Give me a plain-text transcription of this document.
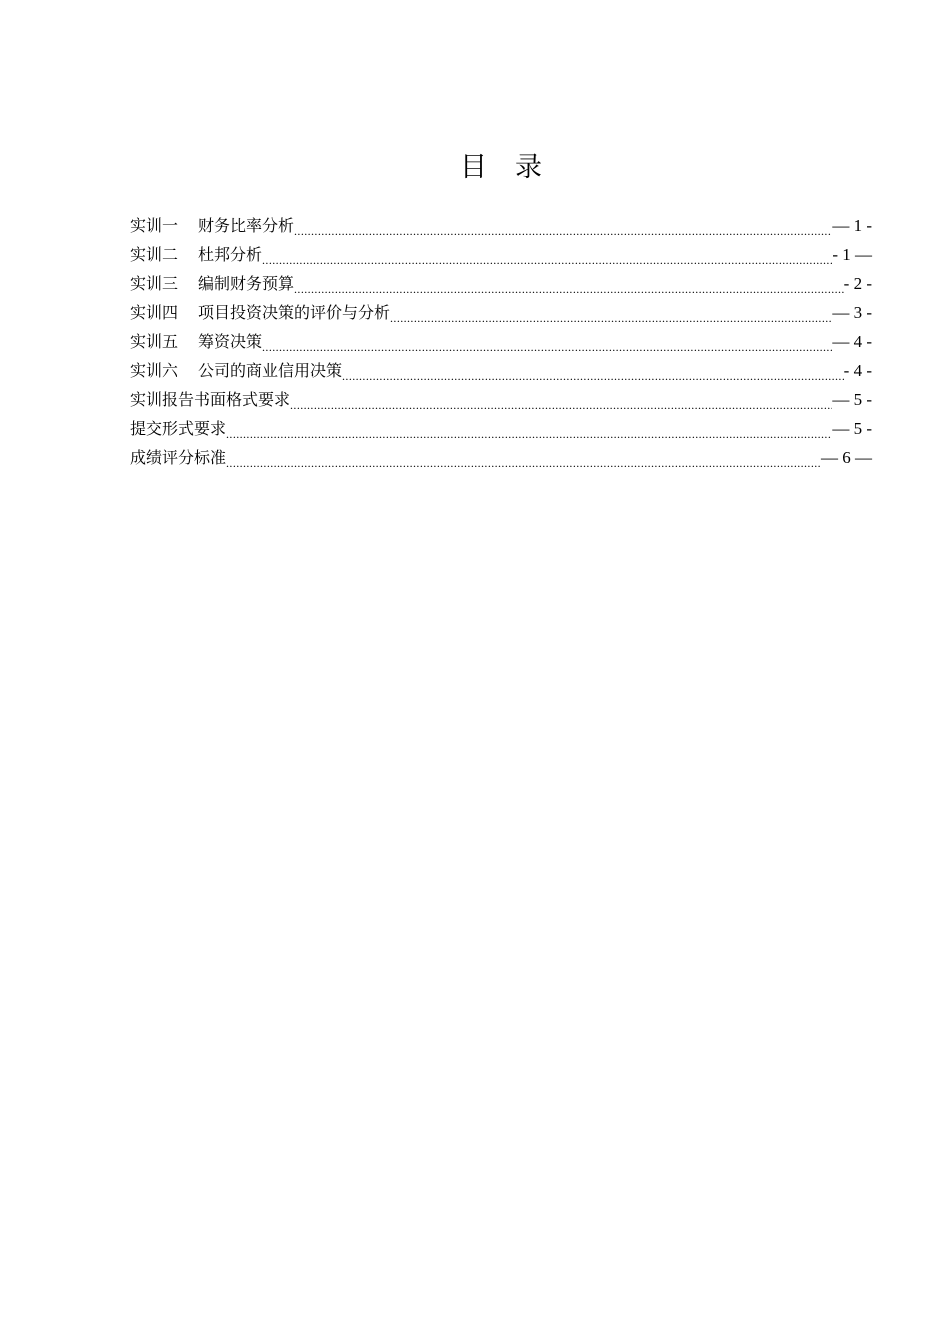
目 录
实训一 财务比率分析 .....	— 1 -
实训二 杜邦分析 .....	- 1 —
实训三 编制财务预算 .....	- 2 -
实训四 项目投资决策的评价与分析 .....	— 3 -
实训五 筹资决策 .....	— 4 -
实训六 公司的商业信用决策 .....	- 4 -
实训报告书面格式要求 .....	— 5 -
提交形式要求 .....	— 5 -
成绩评分标准 .....	— 6 —
